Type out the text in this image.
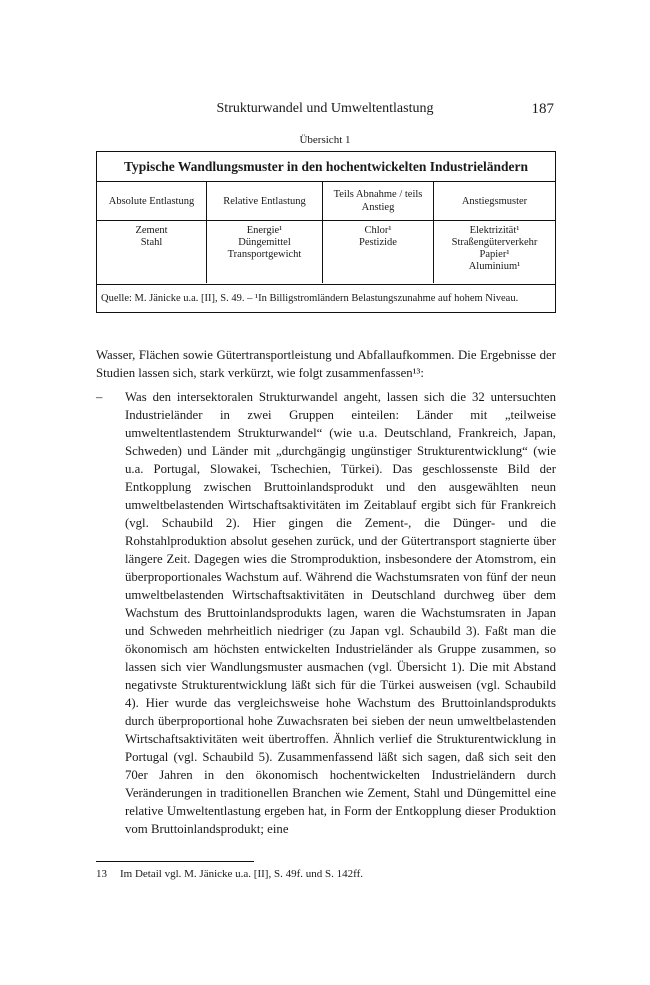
Strukturwandel und Umweltentlastung	187
Übersicht 1
Typische Wandlungsmuster in den hochentwickelten Industrieländern
Absolute Entlastung	Relative Entlastung
Teils Abnahme / teils Anstieg
Anstiegsmuster
Zement
Stahl
Energie¹
Düngemittel
Transportgewicht
Chlor¹
Pestizide
Elektrizität¹
Straßengüterverkehr
Papier¹
Aluminium¹
Quelle: M. Jänicke u.a. [II], S. 49. – ¹In Billigstromländern Belastungszunahme auf hohem Niveau.

Wasser, Flächen sowie Gütertransportleistung und Abfallaufkommen. Die Ergebnisse der Studien lassen sich, stark verkürzt, wie folgt zusammenfassen¹³:

– Was den intersektoralen Strukturwandel angeht, lassen sich die 32 untersuchten Industrieländer in zwei Gruppen einteilen: Länder mit „teilweise umweltentlastendem Strukturwandel“ (wie u.a. Deutschland, Frankreich, Japan, Schweden) und Länder mit „durchgängig ungünstiger Strukturentwicklung“ (wie u.a. Portugal, Slowakei, Tschechien, Türkei). Das geschlossenste Bild der Entkopplung zwischen Bruttoinlandsprodukt und den ausgewählten neun umweltbelastenden Wirtschaftsaktivitäten im Zeitablauf ergibt sich für Frankreich (vgl. Schaubild 2). Hier gingen die Zement-, die Dünger- und die Rohstahlproduktion absolut gesehen zurück, und der Gütertransport stagnierte über längere Zeit. Dagegen wies die Stromproduktion, insbesondere der Atomstrom, ein überproportionales Wachstum auf. Während die Wachstumsraten von fünf der neun umweltbelastenden Wirtschaftsaktivitäten in Deutschland durchweg über dem Wachstum des Bruttoinlandsprodukts lagen, waren die Wachstumsraten in Japan und Schweden mehrheitlich niedriger (zu Japan vgl. Schaubild 3). Faßt man die ökonomisch am höchsten entwickelten Industrieländer als Gruppe zusammen, so lassen sich vier Wandlungsmuster ausmachen (vgl. Übersicht 1). Die mit Abstand negativste Strukturentwicklung läßt sich für die Türkei ausweisen (vgl. Schaubild 4). Hier wurde das vergleichsweise hohe Wachstum des Bruttoinlandsprodukts durch überproportional hohe Zuwachsraten bei sieben der neun umweltbelastenden Wirtschaftsaktivitäten weit übertroffen. Ähnlich verlief die Strukturentwicklung in Portugal (vgl. Schaubild 5). Zusammenfassend läßt sich sagen, daß sich seit den 70er Jahren in den ökonomisch hochentwickelten Industrieländern durch Veränderungen in traditionellen Branchen wie Zement, Stahl und Düngemittel eine relative Umweltentlastung ergeben hat, in Form der Entkopplung dieser Produktion vom Bruttoinlandsprodukt; eine

13 Im Detail vgl. M. Jänicke u.a. [II], S. 49f. und S. 142ff.
